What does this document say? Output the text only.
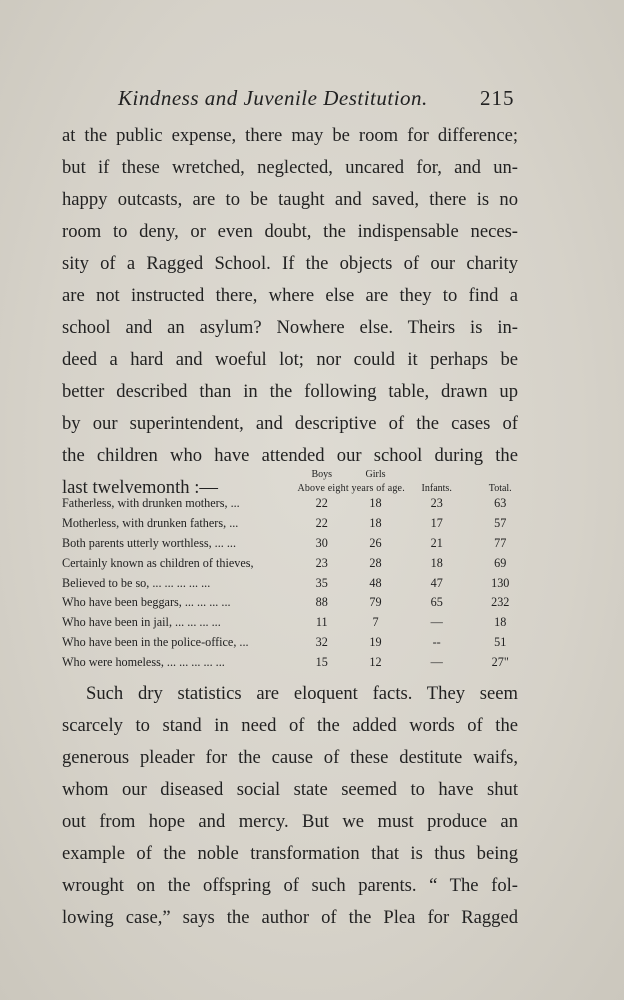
Kindness and Juvenile Destitution.	215
at the public expense, there may be room for difference;
but if these wretched, neglected, uncared for, and un-
happy outcasts, are to be taught and saved, there is no
room to deny, or even doubt, the indispensable neces-
sity of a Ragged School. If the objects of our charity
are not instructed there, where else are they to find a
school and an asylum? Nowhere else. Theirs is in-
deed a hard and woeful lot; nor could it perhaps be
better described than in the following table, drawn up
by our superintendent, and descriptive of the cases of
the children who have attended our school during the
last twelvemonth :—
	Boys	Girls		
	Above eight years of age.		Infants.	Total.
Fatherless, with drunken mothers, ...	22	18	23	63
Motherless, with drunken fathers, ...	22	18	17	57
Both parents utterly worthless, ... ...	30	26	21	77
Certainly known as children of thieves,	23	28	18	69
Believed to be so, ... ... ... ... ...	35	48	47	130
Who have been beggars, ... ... ... ...	88	79	65	232
Who have been in jail, ... ... ... ...	11	7	—	18
Who have been in the police-office, ...	32	19	--	51
Who were homeless, ... ... ... ... ...	15	12	—	27"
Such dry statistics are eloquent facts. They seem
scarcely to stand in need of the added words of the
generous pleader for the cause of these destitute waifs,
whom our diseased social state seemed to have shut
out from hope and mercy. But we must produce an
example of the noble transformation that is thus being
wrought on the offspring of such parents. “ The fol-
lowing case,” says the author of the Plea for Ragged
